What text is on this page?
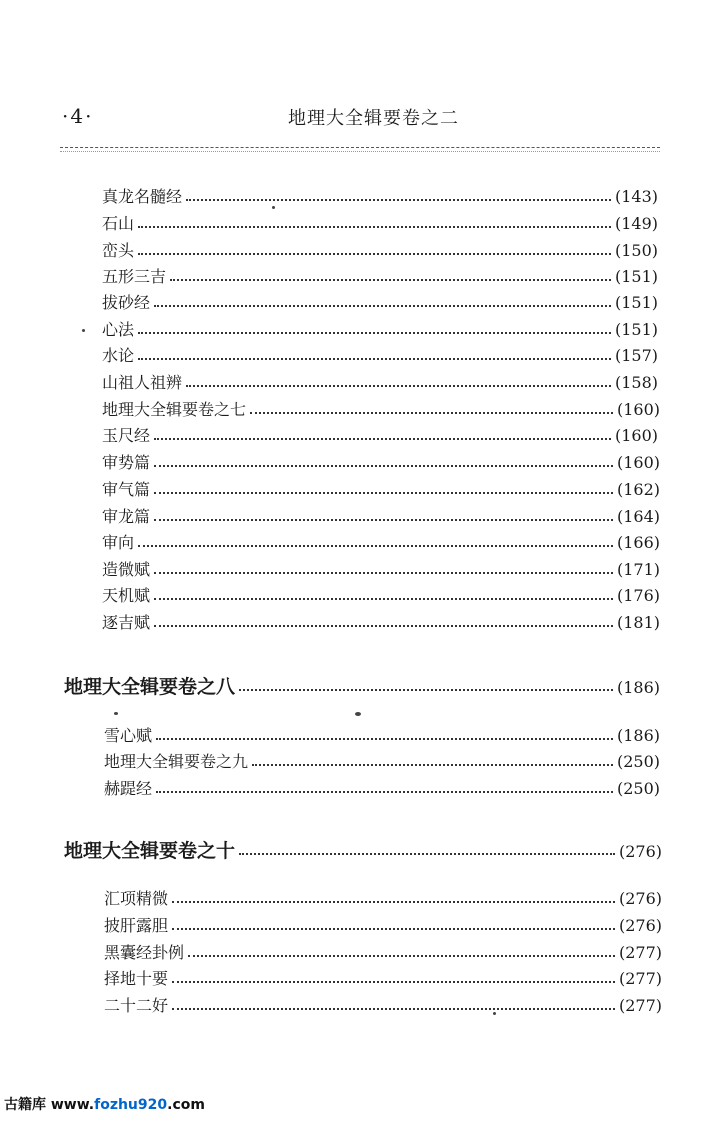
·4·	地理大全辑要卷之二
真龙名髓经	(143)
石山	(149)
峦头	(150)
五形三吉	(151)
拔砂经	(151)
心法	(151)
水论	(157)
山祖人祖辨	(158)
地理大全辑要卷之七	(160)
玉尺经	(160)
审势篇	(160)
审气篇	(162)
审龙篇	(164)
审向	(166)
造微赋	(171)
天机赋	(176)
逐吉赋	(181)
地理大全辑要卷之八	(186)
雪心赋	(186)
地理大全辑要卷之九	(250)
赫踶经	(250)
地理大全辑要卷之十	(276)
汇项精微	(276)
披肝露胆	(276)
黑囊经卦例	(277)
择地十要	(277)
二十二好	(277)
古籍库 www.fozhu920.com
